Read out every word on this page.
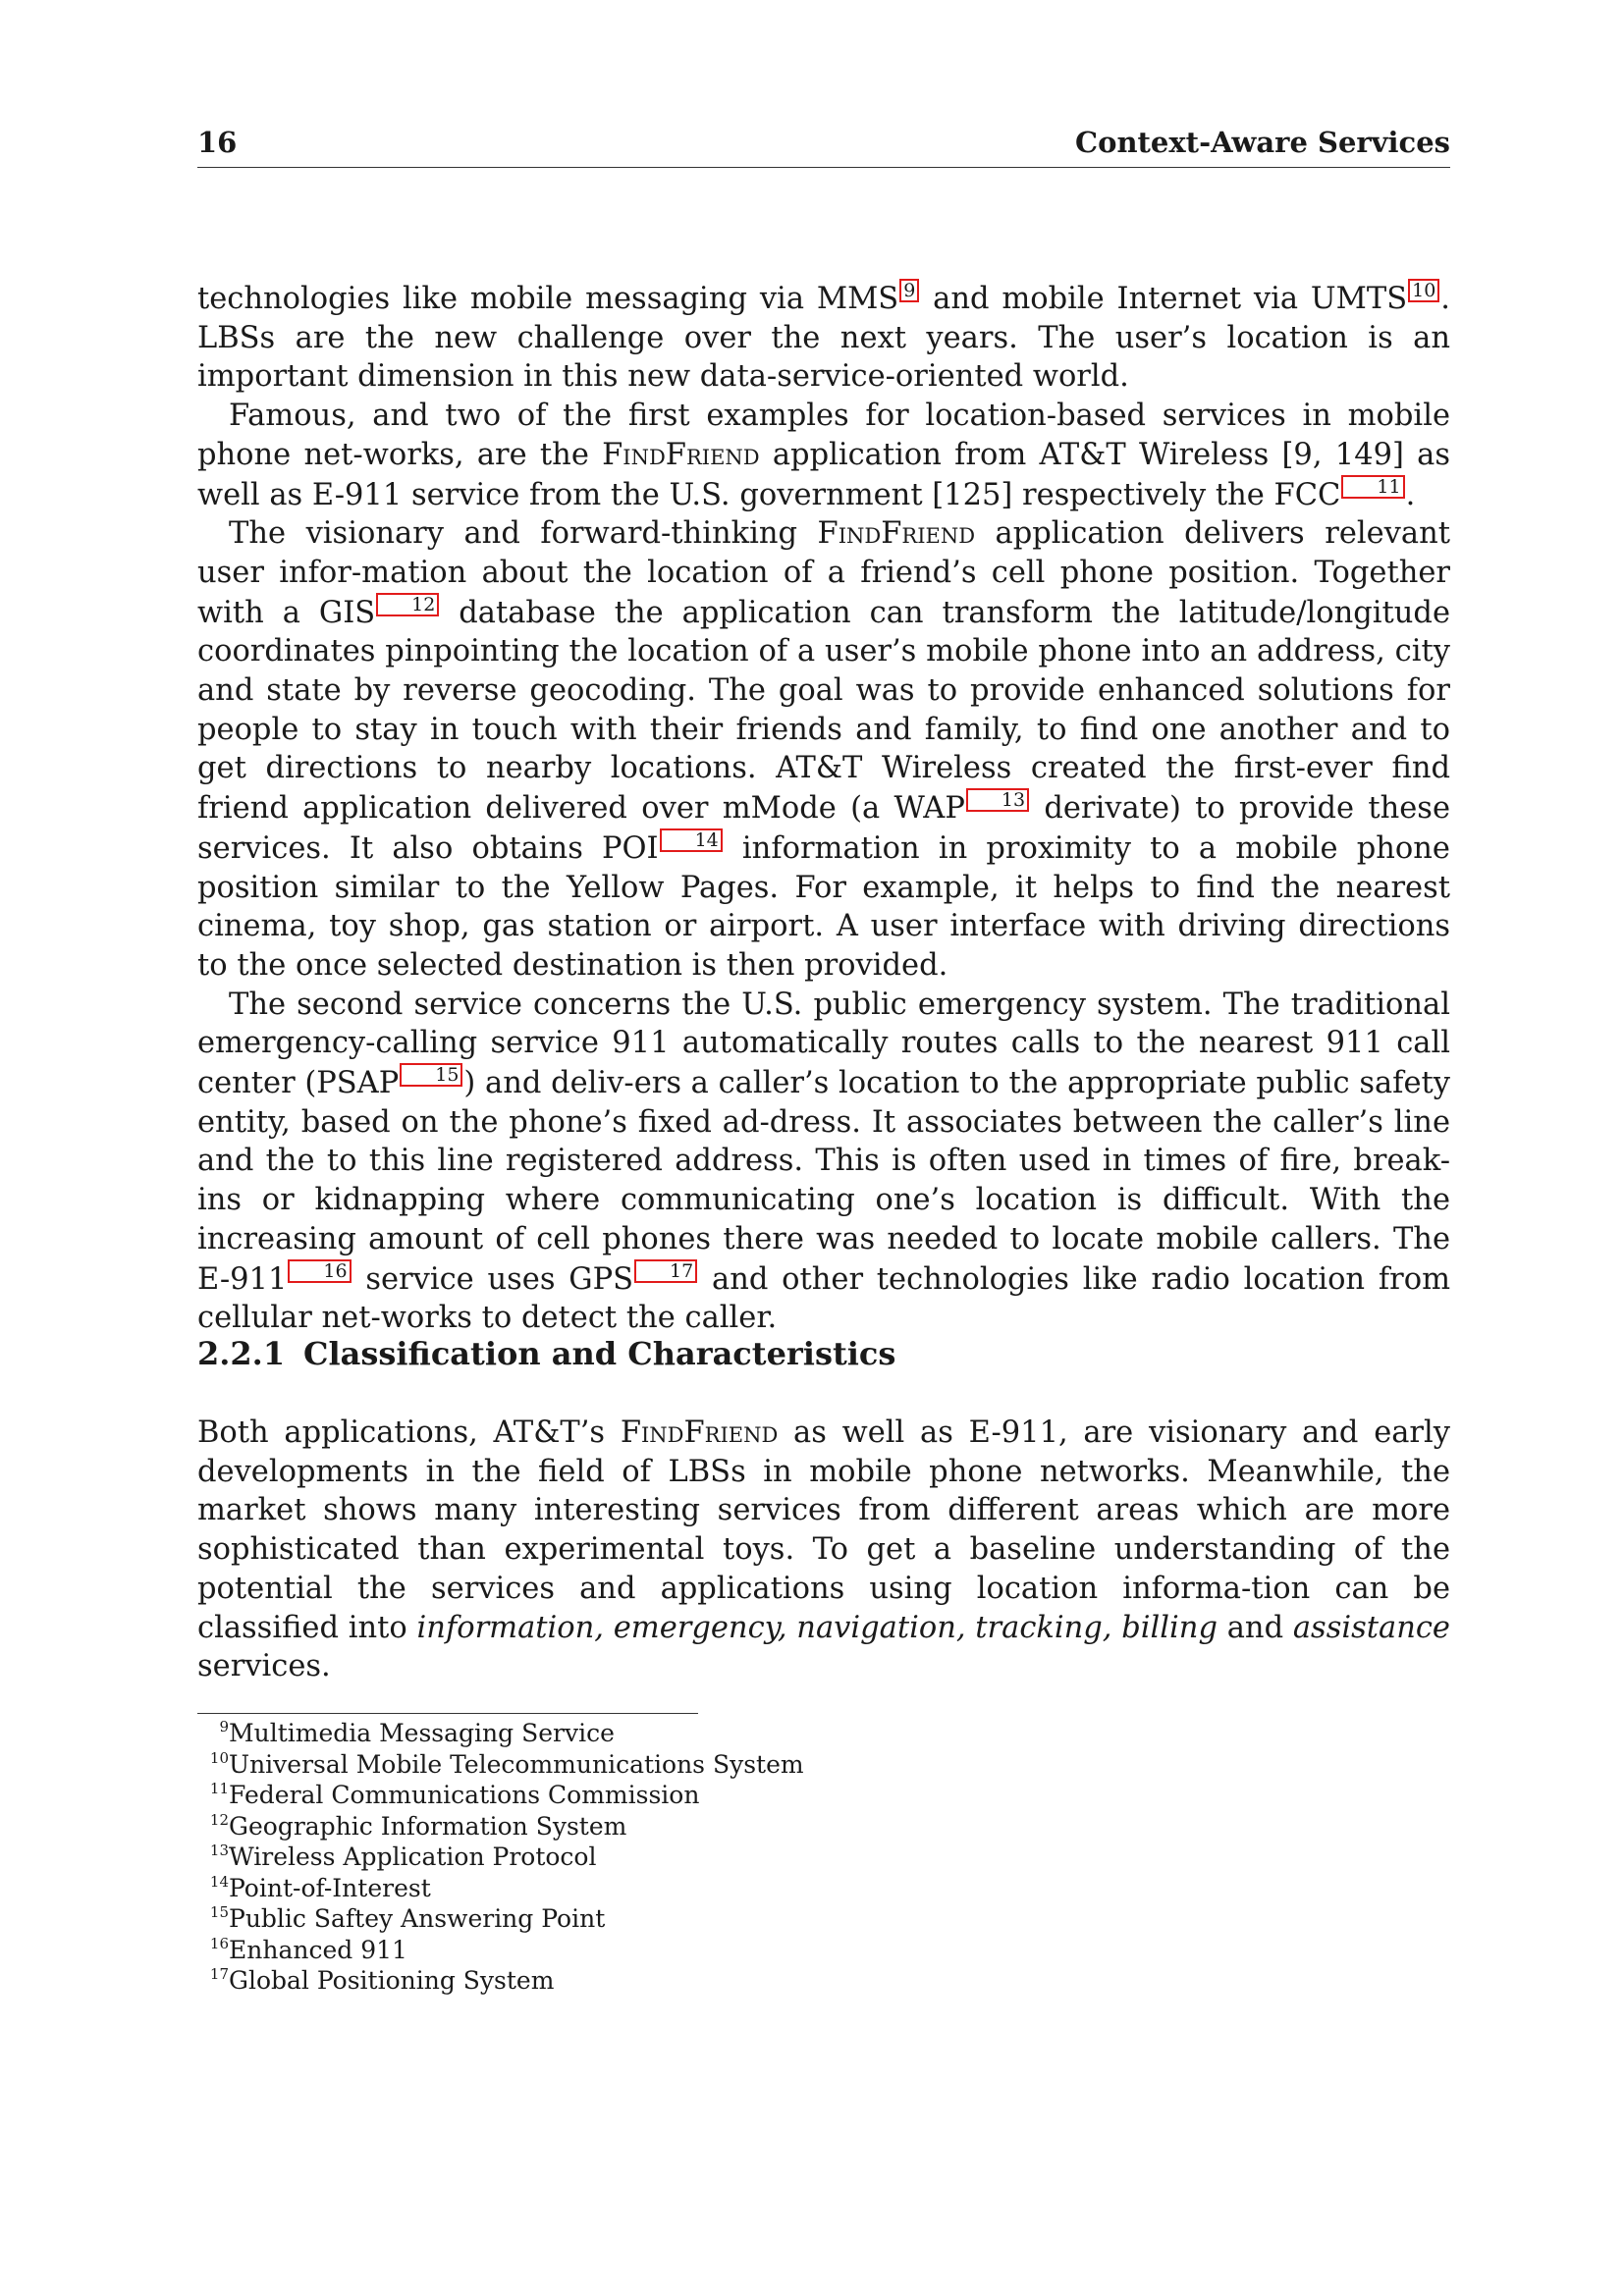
16	Context-Aware Services

technologies like mobile messaging via MMS 9 and mobile Internet via UMTS 10 . LBSs are the new challenge over the next years. The user’s location is an important dimension in this new data-service-oriented world.

Famous, and two of the first examples for location-based services in mobile phone net-works, are the FindFriend application from AT&T Wireless [9, 149] as well as E-911 service from the U.S. government [125] respectively the FCC 11 .

The visionary and forward-thinking FindFriend application delivers relevant user infor-mation about the location of a friend’s cell phone position. Together with a GIS 12 database the application can transform the latitude/longitude coordinates pinpointing the location of a user’s mobile phone into an address, city and state by reverse geocoding. The goal was to provide enhanced solutions for people to stay in touch with their friends and family, to find one another and to get directions to nearby locations. AT&T Wireless created the first-ever find friend application delivered over mMode (a WAP 13 derivate) to provide these services. It also obtains POI 14 information in proximity to a mobile phone position similar to the Yellow Pages. For example, it helps to find the nearest cinema, toy shop, gas station or airport. A user interface with driving directions to the once selected destination is then provided.

The second service concerns the U.S. public emergency system. The traditional emergency-calling service 911 automatically routes calls to the nearest 911 call center (PSAP 15 ) and deliv-ers a caller’s location to the appropriate public safety entity, based on the phone’s fixed ad-dress. It associates between the caller’s line and the to this line registered address. This is often used in times of fire, break-ins or kidnapping where communicating one’s location is difficult. With the increasing amount of cell phones there was needed to locate mobile callers. The E-911 16 service uses GPS 17 and other technologies like radio location from cellular net-works to detect the caller.

2.2.1 Classification and Characteristics

Both applications, AT&T’s FindFriend as well as E-911, are visionary and early developments in the field of LBSs in mobile phone networks. Meanwhile, the market shows many interesting services from different areas which are more sophisticated than experimental toys. To get a baseline understanding of the potential the services and applications using location informa-tion can be classified into information, emergency, navigation, tracking, billing and assistance services.

$^9$Multimedia Messaging Service
$^{10}$Universal Mobile Telecommunications System
$^{11}$Federal Communications Commission
$^{12}$Geographic Information System
$^{13}$Wireless Application Protocol
$^{14}$Point-of-Interest
$^{15}$Public Saftey Answering Point
$^{16}$Enhanced 911
$^{17}$Global Positioning System
